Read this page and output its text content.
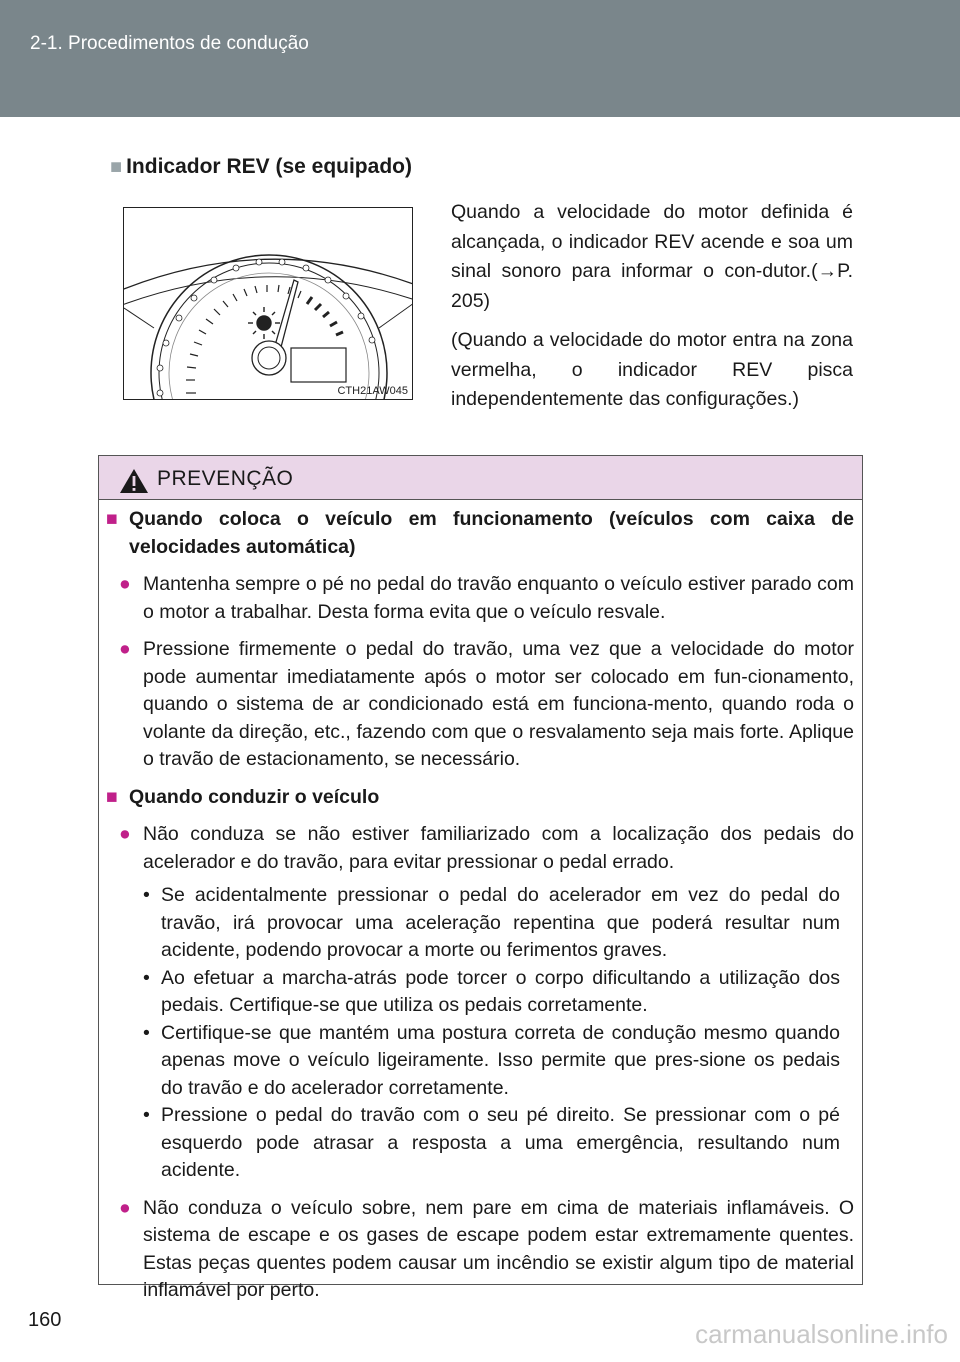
2-1. Procedimentos de condução
■ Indicador REV (se equipado)
CTH21AW045

Quando a velocidade do motor definida é alcançada, o indicador REV acende e soa um sinal sonoro para informar o con-dutor.(→P. 205)

(Quando a velocidade do motor entra na zona vermelha, o indicador REV pisca independentemente das configurações.)

PREVENÇÃO
■ Quando coloca o veículo em funcionamento (veículos com caixa de velocidades automática)
● Mantenha sempre o pé no pedal do travão enquanto o veículo estiver parado com o motor a trabalhar. Desta forma evita que o veículo resvale.
● Pressione firmemente o pedal do travão, uma vez que a velocidade do motor pode aumentar imediatamente após o motor ser colocado em fun-cionamento, quando o sistema de ar condicionado está em funciona-mento, quando roda o volante da direção, etc., fazendo com que o resvalamento seja mais forte. Aplique o travão de estacionamento, se necessário.
■ Quando conduzir o veículo
● Não conduza se não estiver familiarizado com a localização dos pedais do acelerador e do travão, para evitar pressionar o pedal errado.
• Se acidentalmente pressionar o pedal do acelerador em vez do pedal do travão, irá provocar uma aceleração repentina que poderá resultar num acidente, podendo provocar a morte ou ferimentos graves.
• Ao efetuar a marcha-atrás pode torcer o corpo dificultando a utilização dos pedais. Certifique-se que utiliza os pedais corretamente.
• Certifique-se que mantém uma postura correta de condução mesmo quando apenas move o veículo ligeiramente. Isso permite que pres-sione os pedais do travão e do acelerador corretamente.
• Pressione o pedal do travão com o seu pé direito. Se pressionar com o pé esquerdo pode atrasar a resposta a uma emergência, resultando num acidente.
● Não conduza o veículo sobre, nem pare em cima de materiais inflamáveis. O sistema de escape e os gases de escape podem estar extremamente quentes. Estas peças quentes podem causar um incêndio se existir algum tipo de material inflamável por perto.
160	carmanualsonline.info
